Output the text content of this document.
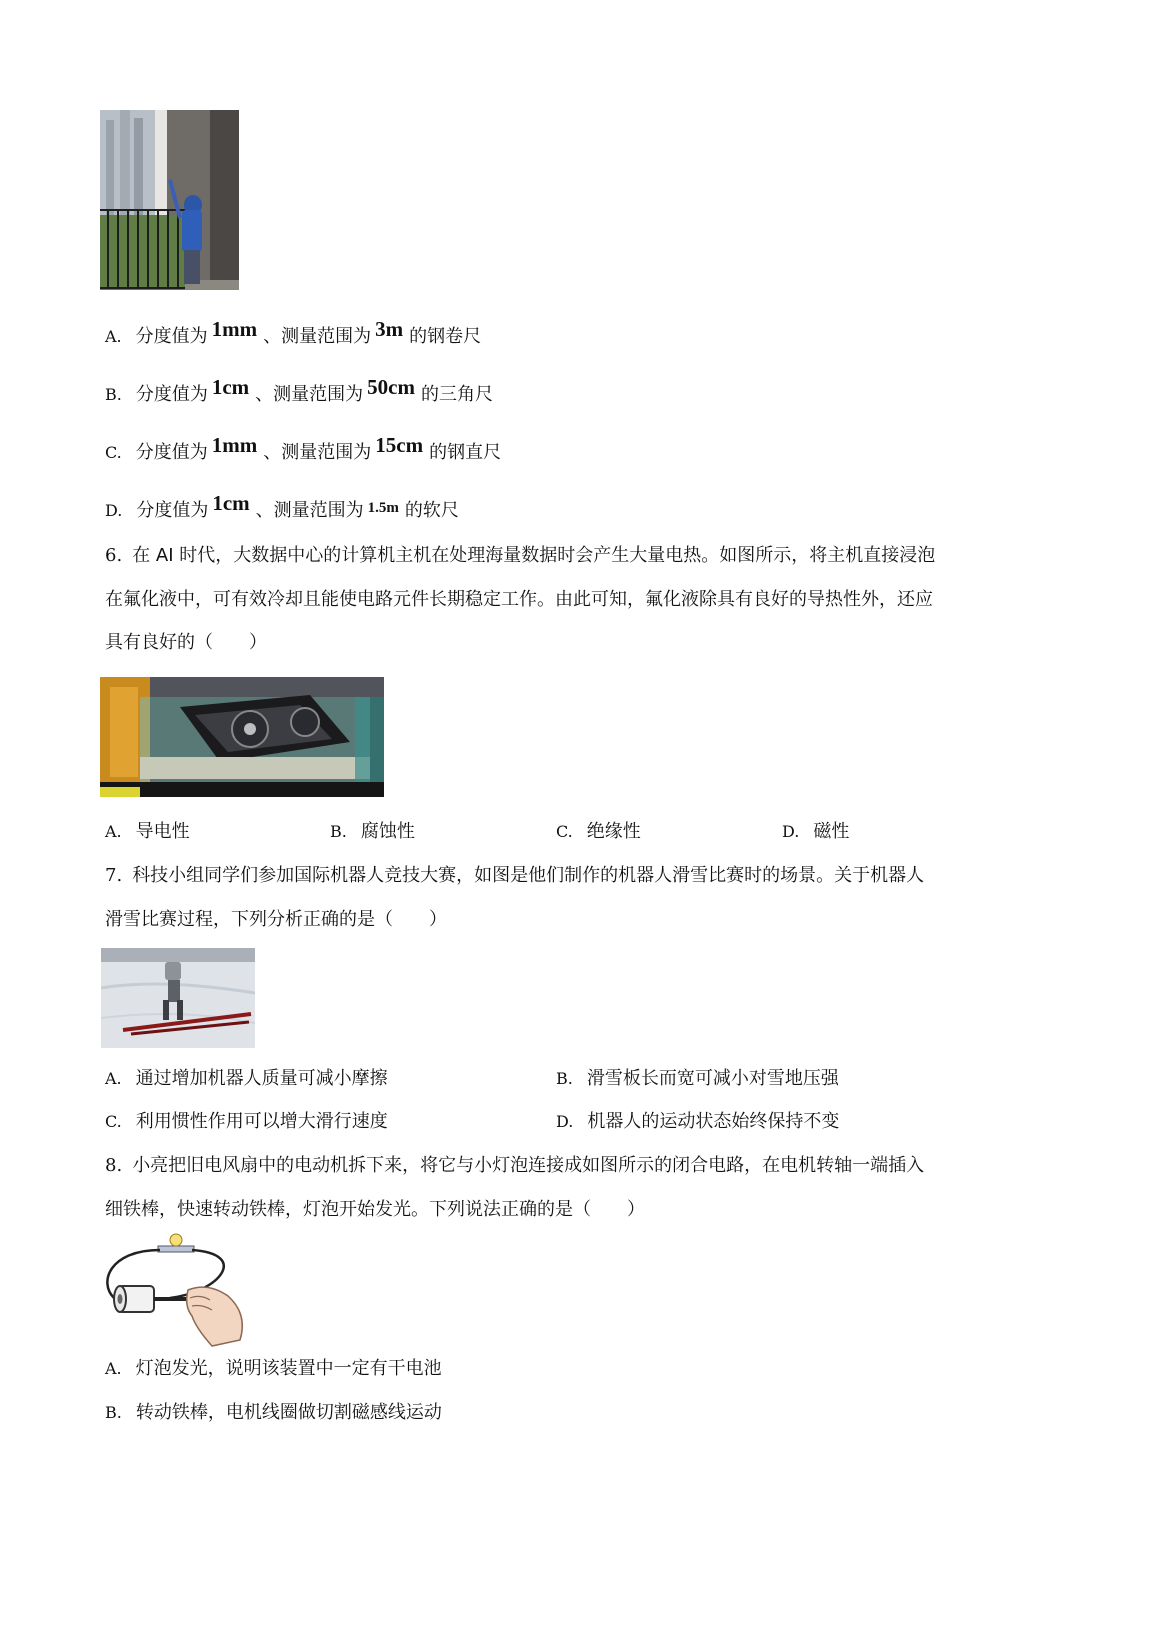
A. 分度值为 1mm 、测量范围为 3m 的钢卷尺
B. 分度值为 1cm 、测量范围为 50cm 的三角尺
C. 分度值为 1mm 、测量范围为 15cm 的钢直尺
D. 分度值为 1cm 、测量范围为 $^{1.5m}$ 的软尺
6. 在 AI 时代，大数据中心的计算机主机在处理海量数据时会产生大量电热。如图所示，将主机直接浸泡
在氟化液中，可有效冷却且能使电路元件长期稳定工作。由此可知，氟化液除具有良好的导热性外，还应
具有良好的（　　）
A. 导电性	B. 腐蚀性	C. 绝缘性	D. 磁性
7. 科技小组同学们参加国际机器人竞技大赛，如图是他们制作的机器人滑雪比赛时的场景。关于机器人
滑雪比赛过程，下列分析正确的是（　　）
A. 通过增加机器人质量可减小摩擦	B. 滑雪板长而宽可减小对雪地压强
C. 利用惯性作用可以增大滑行速度	D. 机器人的运动状态始终保持不变
8. 小亮把旧电风扇中的电动机拆下来，将它与小灯泡连接成如图所示的闭合电路，在电机转轴一端插入
细铁棒，快速转动铁棒，灯泡开始发光。下列说法正确的是（　　）
A. 灯泡发光，说明该装置中一定有干电池
B. 转动铁棒，电机线圈做切割磁感线运动
